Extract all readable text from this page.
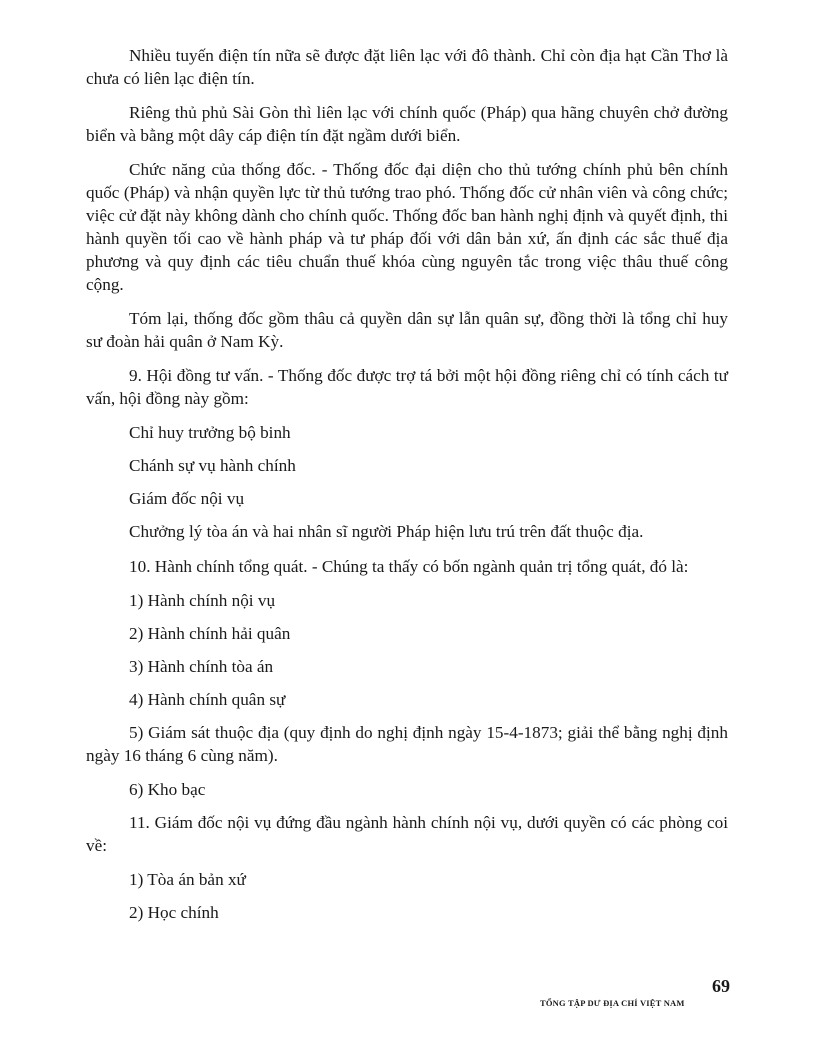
Nhiều tuyến điện tín nữa sẽ được đặt liên lạc với đô thành. Chỉ còn địa hạt Cần Thơ là chưa có liên lạc điện tín.

Riêng thủ phủ Sài Gòn thì liên lạc với chính quốc (Pháp) qua hãng chuyên chở đường biển và bằng một dây cáp điện tín đặt ngầm dưới biển.

Chức năng của thống đốc. - Thống đốc đại diện cho thủ tướng chính phủ bên chính quốc (Pháp) và nhận quyền lực từ thủ tướng trao phó. Thống đốc cử nhân viên và công chức; việc cử đặt này không dành cho chính quốc. Thống đốc ban hành nghị định và quyết định, thi hành quyền tối cao về hành pháp và tư pháp đối với dân bản xứ, ấn định các sắc thuế địa phương và quy định các tiêu chuẩn thuế khóa cùng nguyên tắc trong việc thâu thuế công cộng.

Tóm lại, thống đốc gồm thâu cả quyền dân sự lẫn quân sự, đồng thời là tổng chỉ huy sư đoàn hải quân ở Nam Kỳ.

9. Hội đồng tư vấn. - Thống đốc được trợ tá bởi một hội đồng riêng chỉ có tính cách tư vấn, hội đồng này gồm:

Chỉ huy trưởng bộ binh
Chánh sự vụ hành chính
Giám đốc nội vụ
Chưởng lý tòa án và hai nhân sĩ người Pháp hiện lưu trú trên đất thuộc địa.

10. Hành chính tổng quát. - Chúng ta thấy có bốn ngành quản trị tổng quát, đó là:

1) Hành chính nội vụ
2) Hành chính hải quân
3) Hành chính tòa án
4) Hành chính quân sự

5) Giám sát thuộc địa (quy định do nghị định ngày 15-4-1873; giải thể bằng nghị định ngày 16 tháng 6 cùng năm).

6) Kho bạc

11. Giám đốc nội vụ đứng đầu ngành hành chính nội vụ, dưới quyền có các phòng coi về:

1) Tòa án bản xứ
2) Học chính
69
TỔNG TẬP DƯ ĐỊA CHÍ VIỆT NAM
